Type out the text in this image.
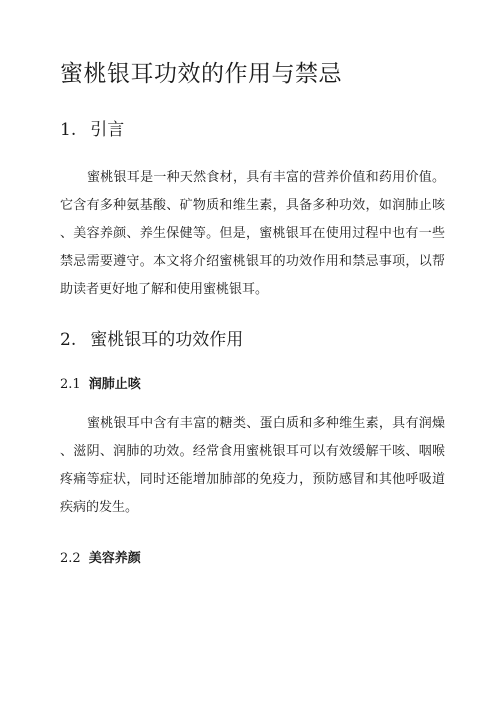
蜜桃银耳功效的作用与禁忌
1. 引言
蜜桃银耳是一种天然食材，具有丰富的营养价值和药用价值。
它含有多种氨基酸、矿物质和维生素，具备多种功效，如润肺止咳
、美容养颜、养生保健等。但是，蜜桃银耳在使用过程中也有一些
禁忌需要遵守。本文将介绍蜜桃银耳的功效作用和禁忌事项，以帮
助读者更好地了解和使用蜜桃银耳。
2. 蜜桃银耳的功效作用
2.1 润肺止咳
蜜桃银耳中含有丰富的糖类、蛋白质和多种维生素，具有润燥
、滋阴、润肺的功效。经常食用蜜桃银耳可以有效缓解干咳、咽喉
疼痛等症状，同时还能增加肺部的免疫力，预防感冒和其他呼吸道
疾病的发生。
2.2 美容养颜
